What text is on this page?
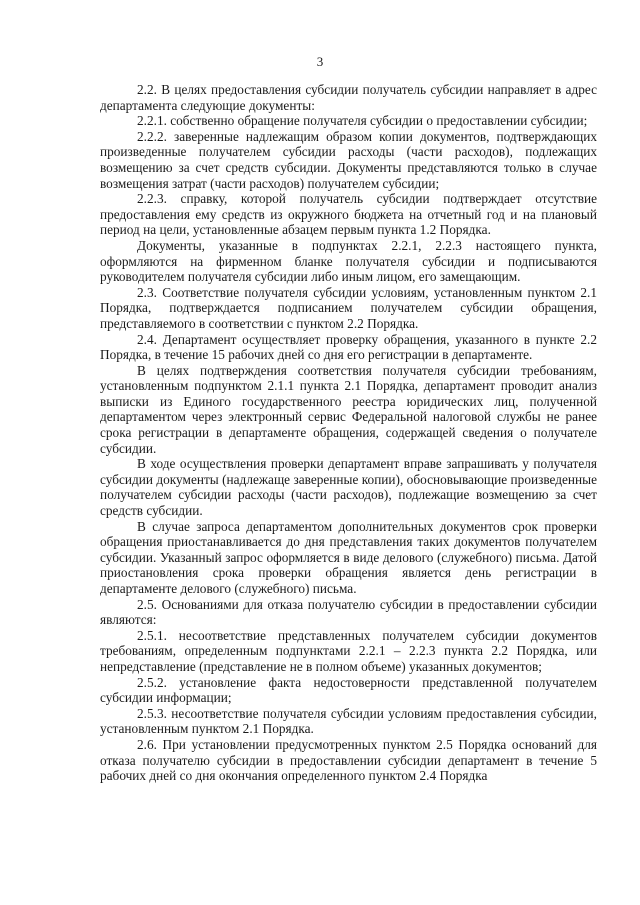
3

2.2. В целях предоставления субсидии получатель субсидии направляет в адрес департамента следующие документы:

2.2.1. собственно обращение получателя субсидии о предоставлении субсидии;

2.2.2. заверенные надлежащим образом копии документов, подтверждающих произведенные получателем субсидии расходы (части расходов), подлежащих возмещению за счет средств субсидии. Документы представляются только в случае возмещения затрат (части расходов) получателем субсидии;

2.2.3. справку, которой получатель субсидии подтверждает отсутствие предоставления ему средств из окружного бюджета на отчетный год и на плановый период на цели, установленные абзацем первым пункта 1.2 Порядка.

Документы, указанные в подпунктах 2.2.1, 2.2.3 настоящего пункта, оформляются на фирменном бланке получателя субсидии и подписываются руководителем получателя субсидии либо иным лицом, его замещающим.

2.3. Соответствие получателя субсидии условиям, установленным пунктом 2.1 Порядка, подтверждается подписанием получателем субсидии обращения, представляемого в соответствии с пунктом 2.2 Порядка.

2.4. Департамент осуществляет проверку обращения, указанного в пункте 2.2 Порядка, в течение 15 рабочих дней со дня его регистрации в департаменте.

В целях подтверждения соответствия получателя субсидии требованиям, установленным подпунктом 2.1.1 пункта 2.1 Порядка, департамент проводит анализ выписки из Единого государственного реестра юридических лиц, полученной департаментом через электронный сервис Федеральной налоговой службы не ранее срока регистрации в департаменте обращения, содержащей сведения о получателе субсидии.

В ходе осуществления проверки департамент вправе запрашивать у получателя субсидии документы (надлежаще заверенные копии), обосновывающие произведенные получателем субсидии расходы (части расходов), подлежащие возмещению за счет средств субсидии.

В случае запроса департаментом дополнительных документов срок проверки обращения приостанавливается до дня представления таких документов получателем субсидии. Указанный запрос оформляется в виде делового (служебного) письма. Датой приостановления срока проверки обращения является день регистрации в департаменте делового (служебного) письма.

2.5. Основаниями для отказа получателю субсидии в предоставлении субсидии являются:

2.5.1. несоответствие представленных получателем субсидии документов требованиям, определенным подпунктами 2.2.1 – 2.2.3 пункта 2.2 Порядка, или непредставление (представление не в полном объеме) указанных документов;

2.5.2. установление факта недостоверности представленной получателем субсидии информации;

2.5.3. несоответствие получателя субсидии условиям предоставления субсидии, установленным пунктом 2.1 Порядка.

2.6. При установлении предусмотренных пунктом 2.5 Порядка оснований для отказа получателю субсидии в предоставлении субсидии департамент в течение 5 рабочих дней со дня окончания определенного пунктом 2.4 Порядка
